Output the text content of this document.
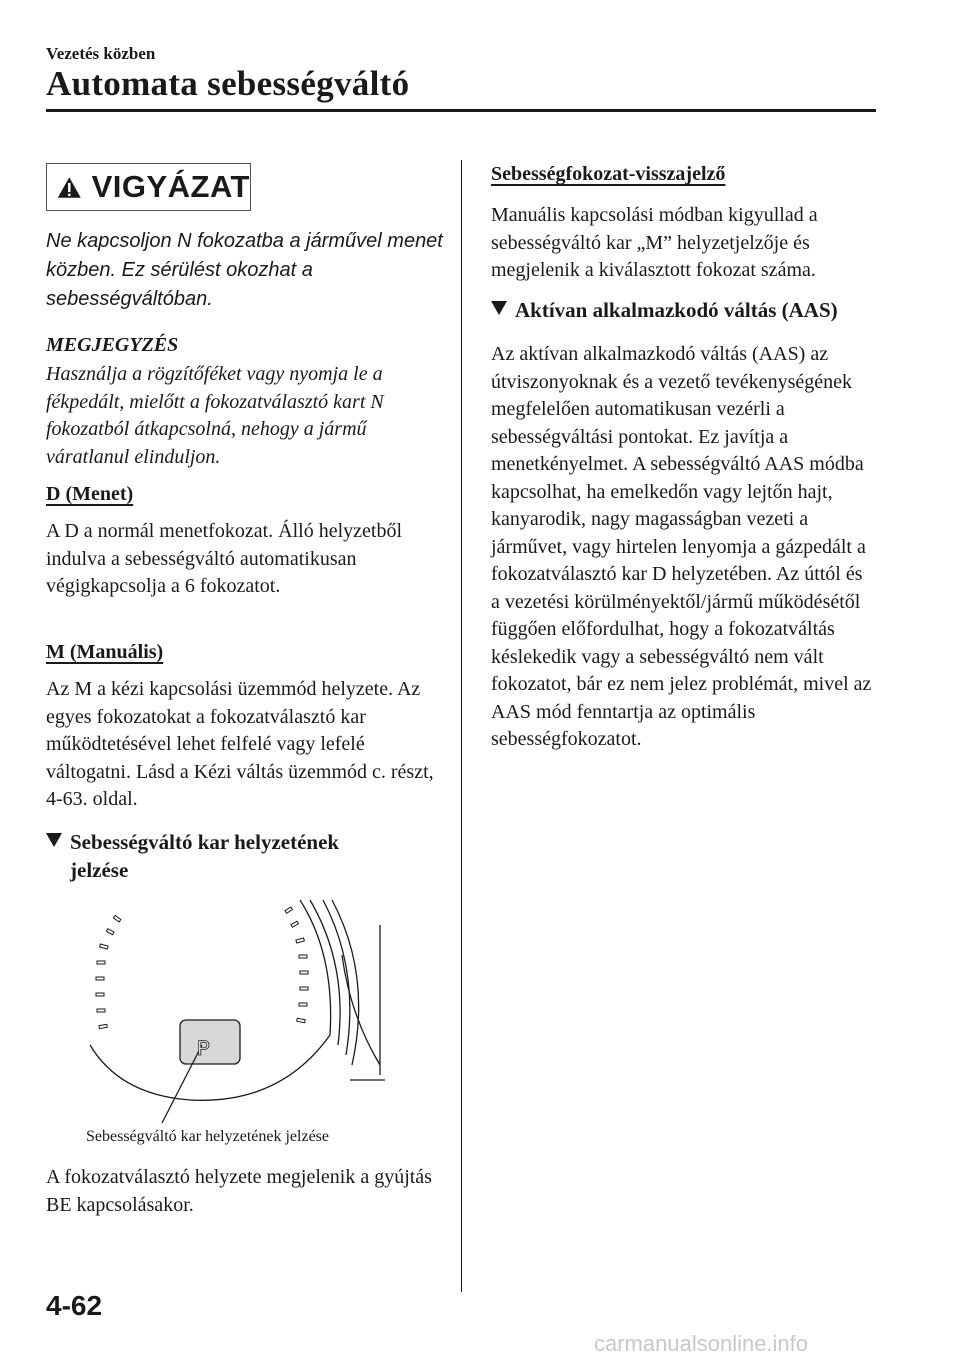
Vezetés közben
Automata sebességváltó
VIGYÁZAT
Ne kapcsoljon N fokozatba a járművel menet közben. Ez sérülést okozhat a sebességváltóban.
MEGJEGYZÉS
Használja a rögzítőféket vagy nyomja le a fékpedált, mielőtt a fokozatválasztó kart N fokozatból átkapcsolná, nehogy a jármű váratlanul elinduljon.
D (Menet)
A D a normál menetfokozat. Álló helyzetből indulva a sebességváltó automatikusan végigkapcsolja a 6 fokozatot.
M (Manuális)
Az M a kézi kapcsolási üzemmód helyzete. Az egyes fokozatokat a fokozatválasztó kar működtetésével lehet felfelé vagy lefelé váltogatni. Lásd a Kézi váltás üzemmód c. részt, 4-63. oldal.
Sebességváltó kar helyzetének
jelzése
P
Sebességváltó kar helyzetének jelzése
A fokozatválasztó helyzete megjelenik a gyújtás BE kapcsolásakor.
Sebességfokozat-visszajelző
Manuális kapcsolási módban kigyullad a sebességváltó kar „M” helyzetjelzője és megjelenik a kiválasztott fokozat száma.
Aktívan alkalmazkodó váltás (AAS)
Az aktívan alkalmazkodó váltás (AAS) az útviszonyoknak és a vezető tevékenységének megfelelően automatikusan vezérli a sebességváltási pontokat. Ez javítja a menetkényelmet. A sebességváltó AAS módba kapcsolhat, ha emelkedőn vagy lejtőn hajt, kanyarodik, nagy magasságban vezeti a járművet, vagy hirtelen lenyomja a gázpedált a fokozatválasztó kar D helyzetében. Az úttól és a vezetési körülményektől/jármű működésétől függően előfordulhat, hogy a fokozatváltás késlekedik vagy a sebességváltó nem vált fokozatot, bár ez nem jelez problémát, mivel az AAS mód fenntartja az optimális sebességfokozatot.
4-62
carmanualsonline.info
